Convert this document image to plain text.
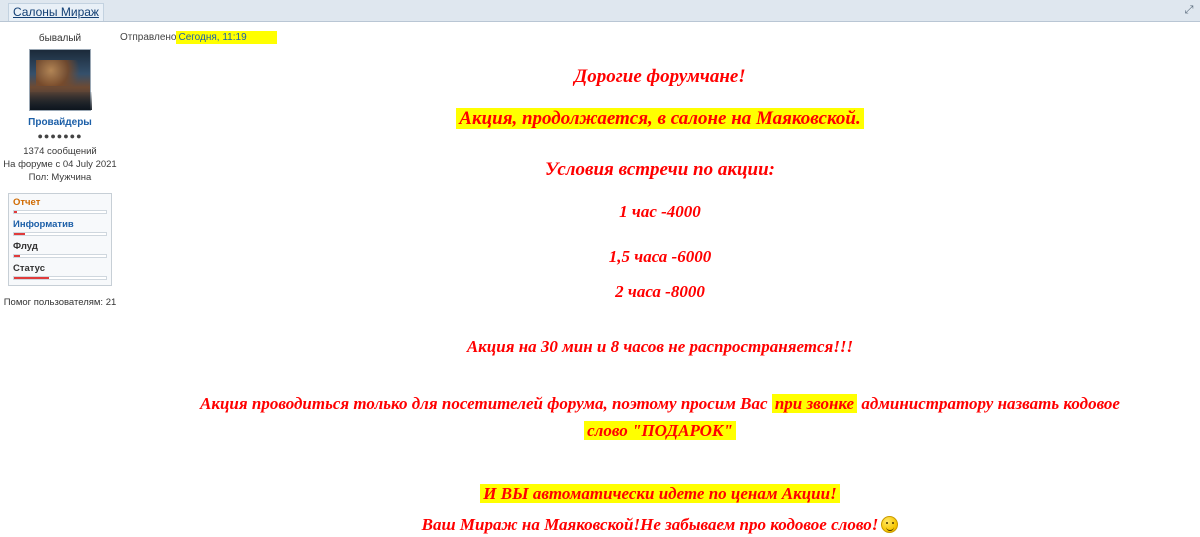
Салоны Мираж	⤢
бывалый
Провайдеры
●●●●●●●
1374 сообщений
На форуме с 04 July 2021
Пол: Мужчина
Отчет
Информатив
Флуд
Статус
Помог пользователям: 21
Отправлено Сегодня, 11:19
Дорогие форумчане!
Акция, продолжается, в салоне на Маяковской.
Условия встречи по акции:
1 час -4000
1,5 часа -6000
2 часа -8000
Акция на 30 мин и 8 часов не распространяется!!!
Акция проводиться только для посетителей форума, поэтому просим Вас при звонке администратору назвать кодовое
слово "ПОДАРОК"
И ВЫ автоматически идете по ценам Акции!
Ваш Мираж на Маяковской!Не забываем про кодовое слово!
